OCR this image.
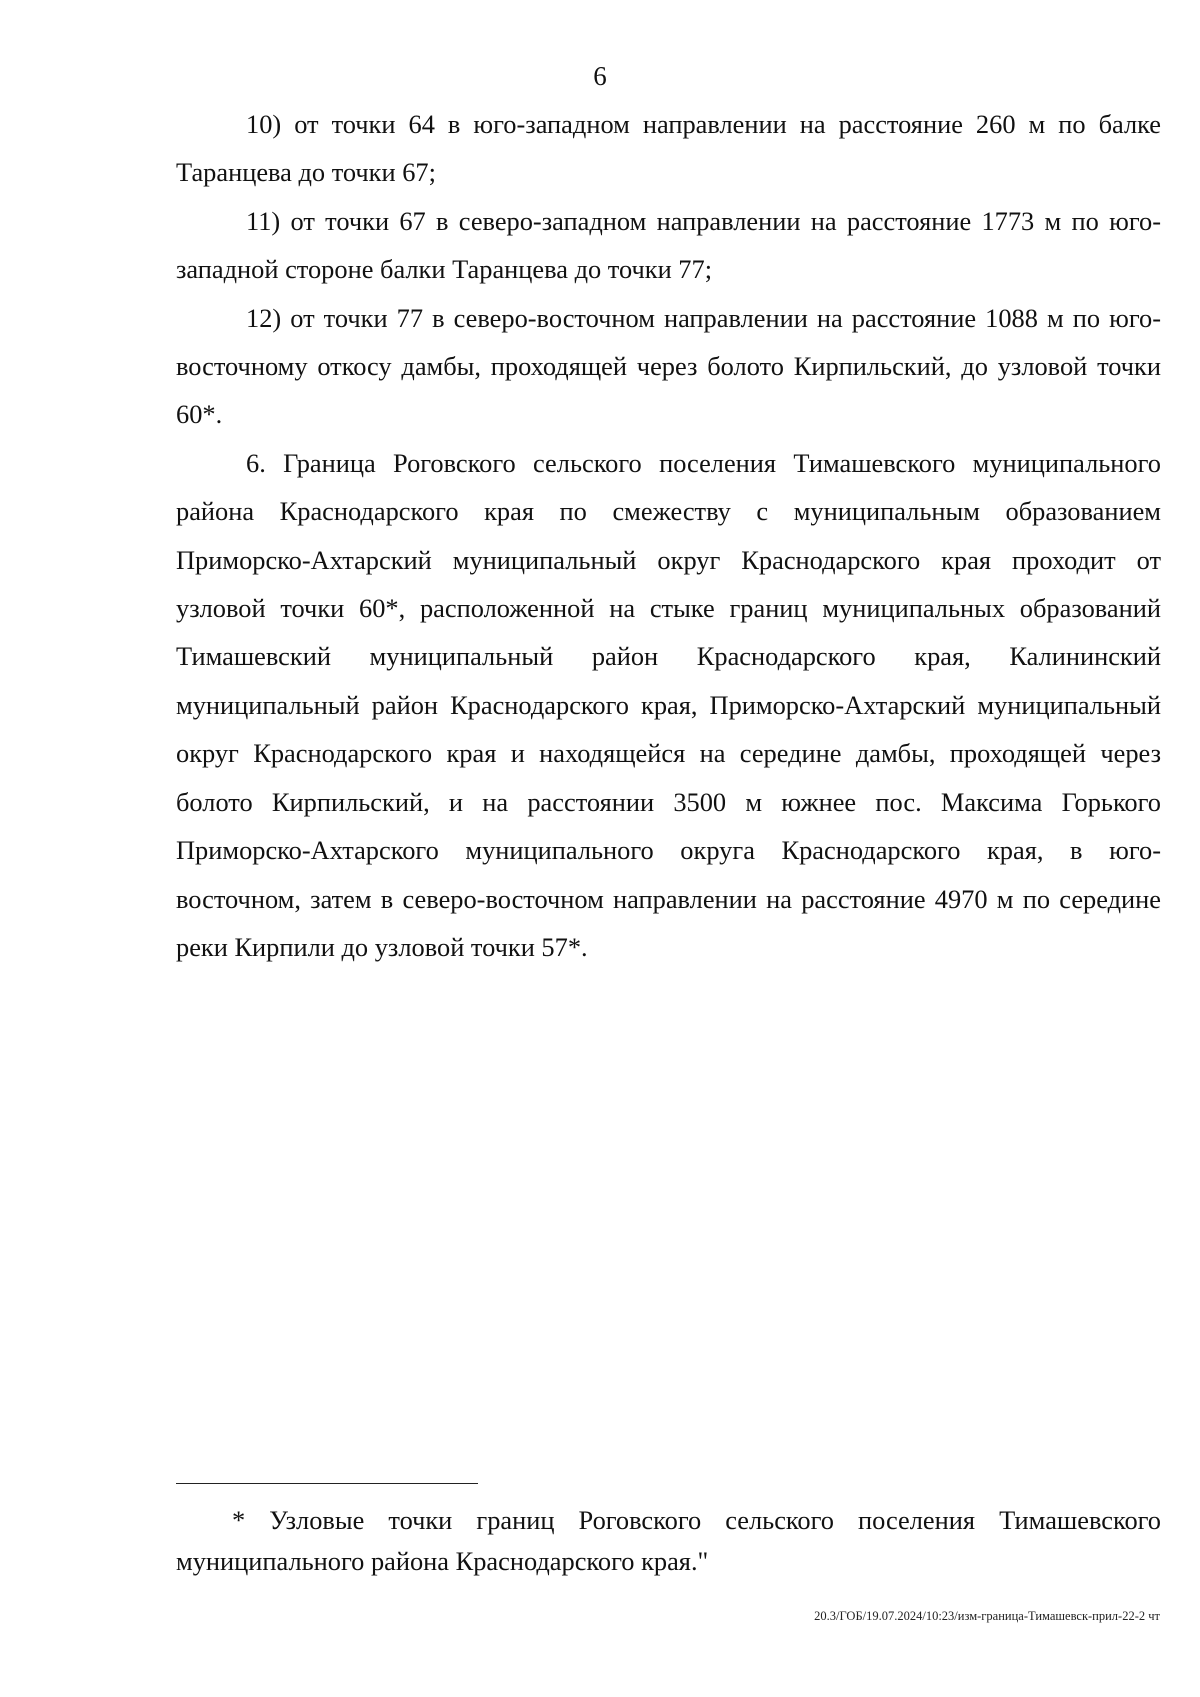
6

10) от точки 64 в юго-западном направлении на расстояние 260 м по балке Таранцева до точки 67;

11) от точки 67 в северо-западном направлении на расстояние 1773 м по юго-западной стороне балки Таранцева до точки 77;

12) от точки 77 в северо-восточном направлении на расстояние 1088 м по юго-восточному откосу дамбы, проходящей через болото Кирпильский, до узловой точки 60*.

6. Граница Роговского сельского поселения Тимашевского муниципального района Краснодарского края по смежеству с муниципальным образованием Приморско-Ахтарский муниципальный округ Краснодарского края проходит от узловой точки 60*, расположенной на стыке границ муниципальных образований Тимашевский муниципальный район Краснодарского края, Калининский муниципальный район Краснодарского края, Приморско-Ахтарский муниципальный округ Краснодарского края и находящейся на середине дамбы, проходящей через болото Кирпильский, и на расстоянии 3500 м южнее пос. Максима Горького Приморско-Ахтарского муниципального округа Краснодарского края, в юго-восточном, затем в северо-восточном направлении на расстояние 4970 м по середине реки Кирпили до узловой точки 57*.

* Узловые точки границ Роговского сельского поселения Тимашевского муниципального района Краснодарского края."

20.3/ГОБ/19.07.2024/10:23/изм-граница-Тимашевск-прил-22-2 чт
